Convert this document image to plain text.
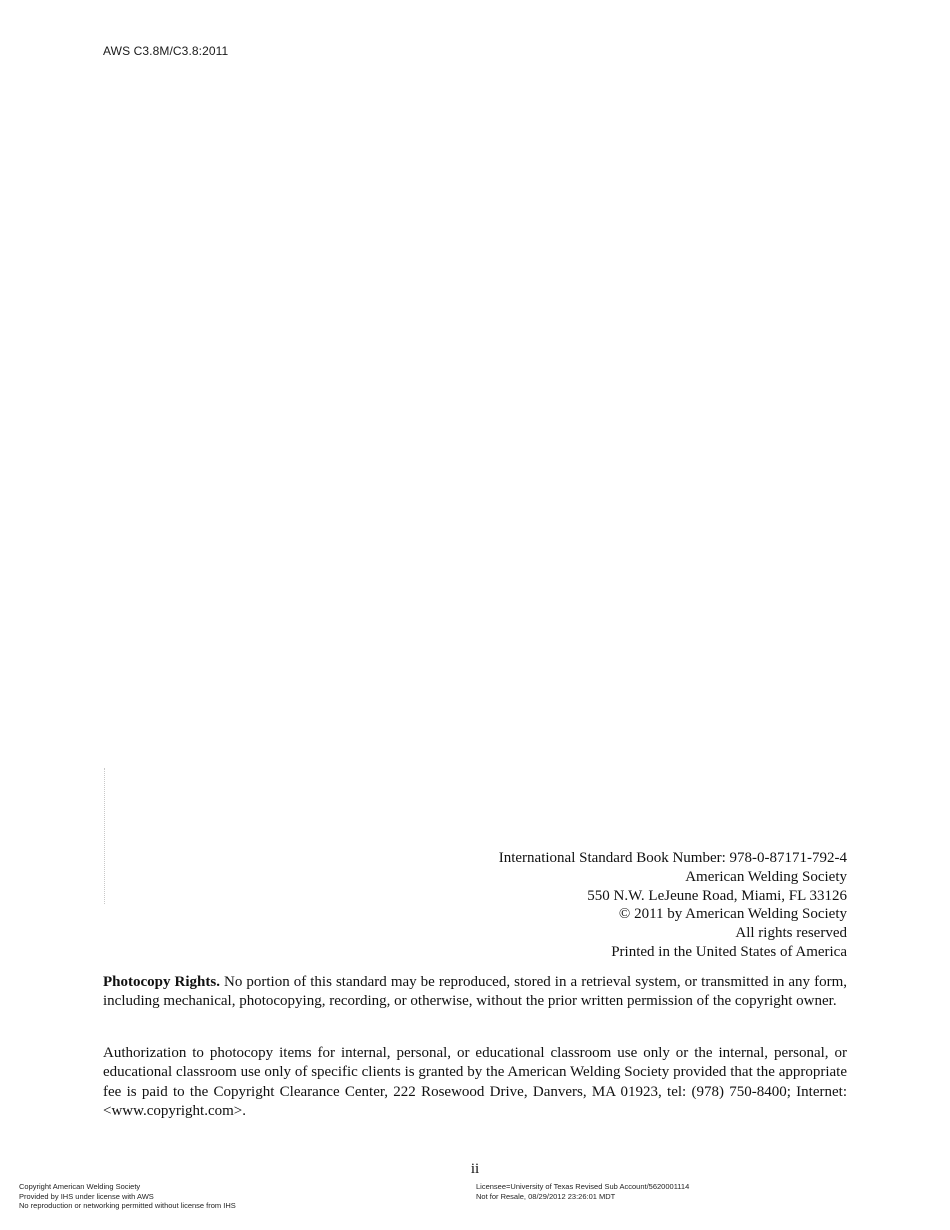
AWS C3.8M/C3.8:2011
International Standard Book Number: 978-0-87171-792-4
American Welding Society
550 N.W. LeJeune Road, Miami, FL 33126
© 2011 by American Welding Society
All rights reserved
Printed in the United States of America

Photocopy Rights. No portion of this standard may be reproduced, stored in a retrieval system, or transmitted in any form, including mechanical, photocopying, recording, or otherwise, without the prior written permission of the copyright owner.

Authorization to photocopy items for internal, personal, or educational classroom use only or the internal, personal, or educational classroom use only of specific clients is granted by the American Welding Society provided that the appropriate fee is paid to the Copyright Clearance Center, 222 Rosewood Drive, Danvers, MA 01923, tel: (978) 750-8400; Internet: <www.copyright.com>.

ii
Copyright American Welding Society
Provided by IHS under license with AWS
No reproduction or networking permitted without license from IHS
Licensee=University of Texas Revised Sub Account/5620001114
Not for Resale, 08/29/2012 23:26:01 MDT
